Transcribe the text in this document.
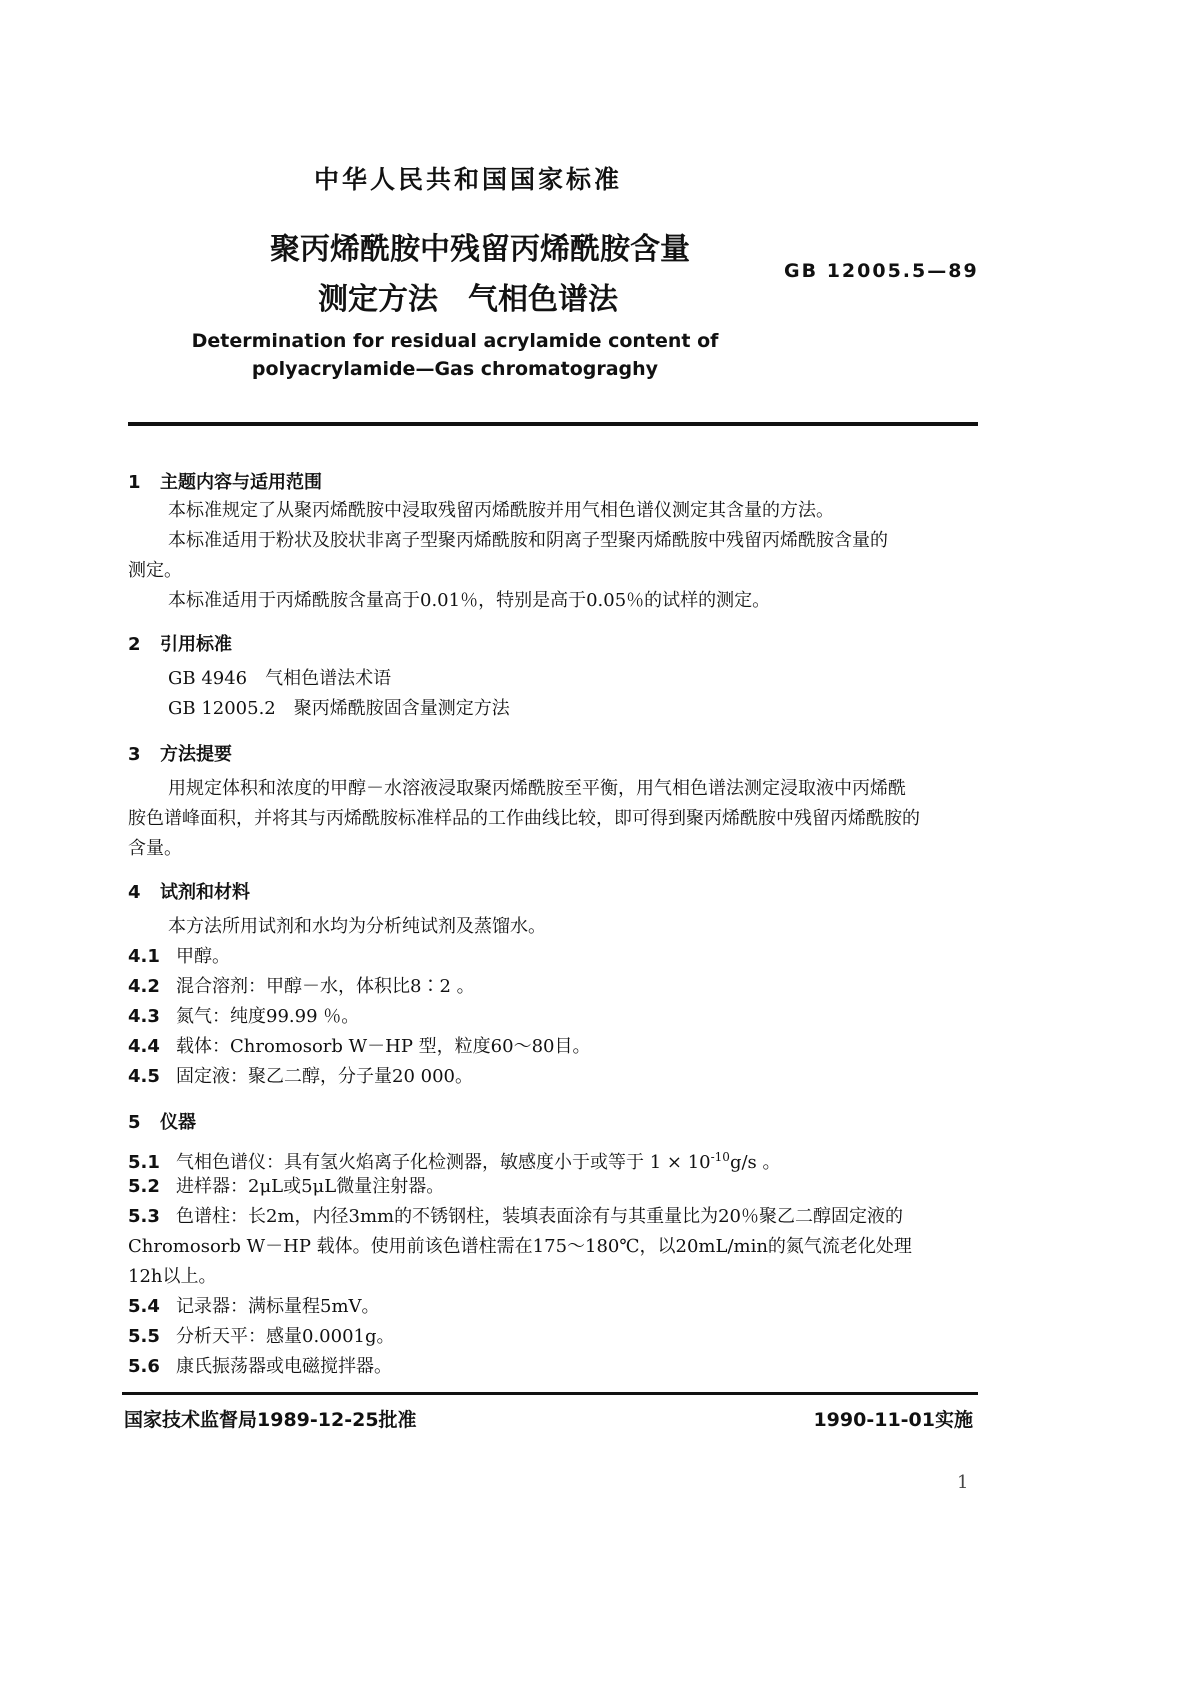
中华人民共和国国家标准
聚丙烯酰胺中残留丙烯酰胺含量
测定方法　气相色谱法
GB 12005.5—89
Determination for residual acrylamide content of
polyacrylamide—Gas chromatograghy
1 主题内容与适用范围
本标准规定了从聚丙烯酰胺中浸取残留丙烯酰胺并用气相色谱仪测定其含量的方法。
本标准适用于粉状及胶状非离子型聚丙烯酰胺和阴离子型聚丙烯酰胺中残留丙烯酰胺含量的
测定。
本标准适用于丙烯酰胺含量高于0.01％，特别是高于0.05％的试样的测定。
2 引用标准
GB 4946　气相色谱法术语
GB 12005.2　聚丙烯酰胺固含量测定方法
3 方法提要
用规定体积和浓度的甲醇－水溶液浸取聚丙烯酰胺至平衡，用气相色谱法测定浸取液中丙烯酰
胺色谱峰面积，并将其与丙烯酰胺标准样品的工作曲线比较，即可得到聚丙烯酰胺中残留丙烯酰胺的
含量。
4 试剂和材料
本方法所用试剂和水均为分析纯试剂及蒸馏水。
4.1 甲醇。
4.2 混合溶剂：甲醇－水，体积比8∶2 。
4.3 氮气：纯度99.99 ％。
4.4 载体：Chromosorb W－HP 型，粒度60～80目。
4.5 固定液：聚乙二醇，分子量20 000。
5 仪器
5.1 气相色谱仪：具有氢火焰离子化检测器，敏感度小于或等于 $1 \times 10^{-10}g/s$ 。
5.2 进样器：2μL或5μL微量注射器。
5.3 色谱柱：长2m，内径3mm的不锈钢柱，装填表面涂有与其重量比为20％聚乙二醇固定液的
Chromosorb W－HP 载体。使用前该色谱柱需在175～180℃，以20mL/min的氮气流老化处理
12h以上。
5.4 记录器：满标量程5mV。
5.5 分析天平：感量0.0001g。
5.6 康氏振荡器或电磁搅拌器。
国家技术监督局1989-12-25批准	1990-11-01实施
1
